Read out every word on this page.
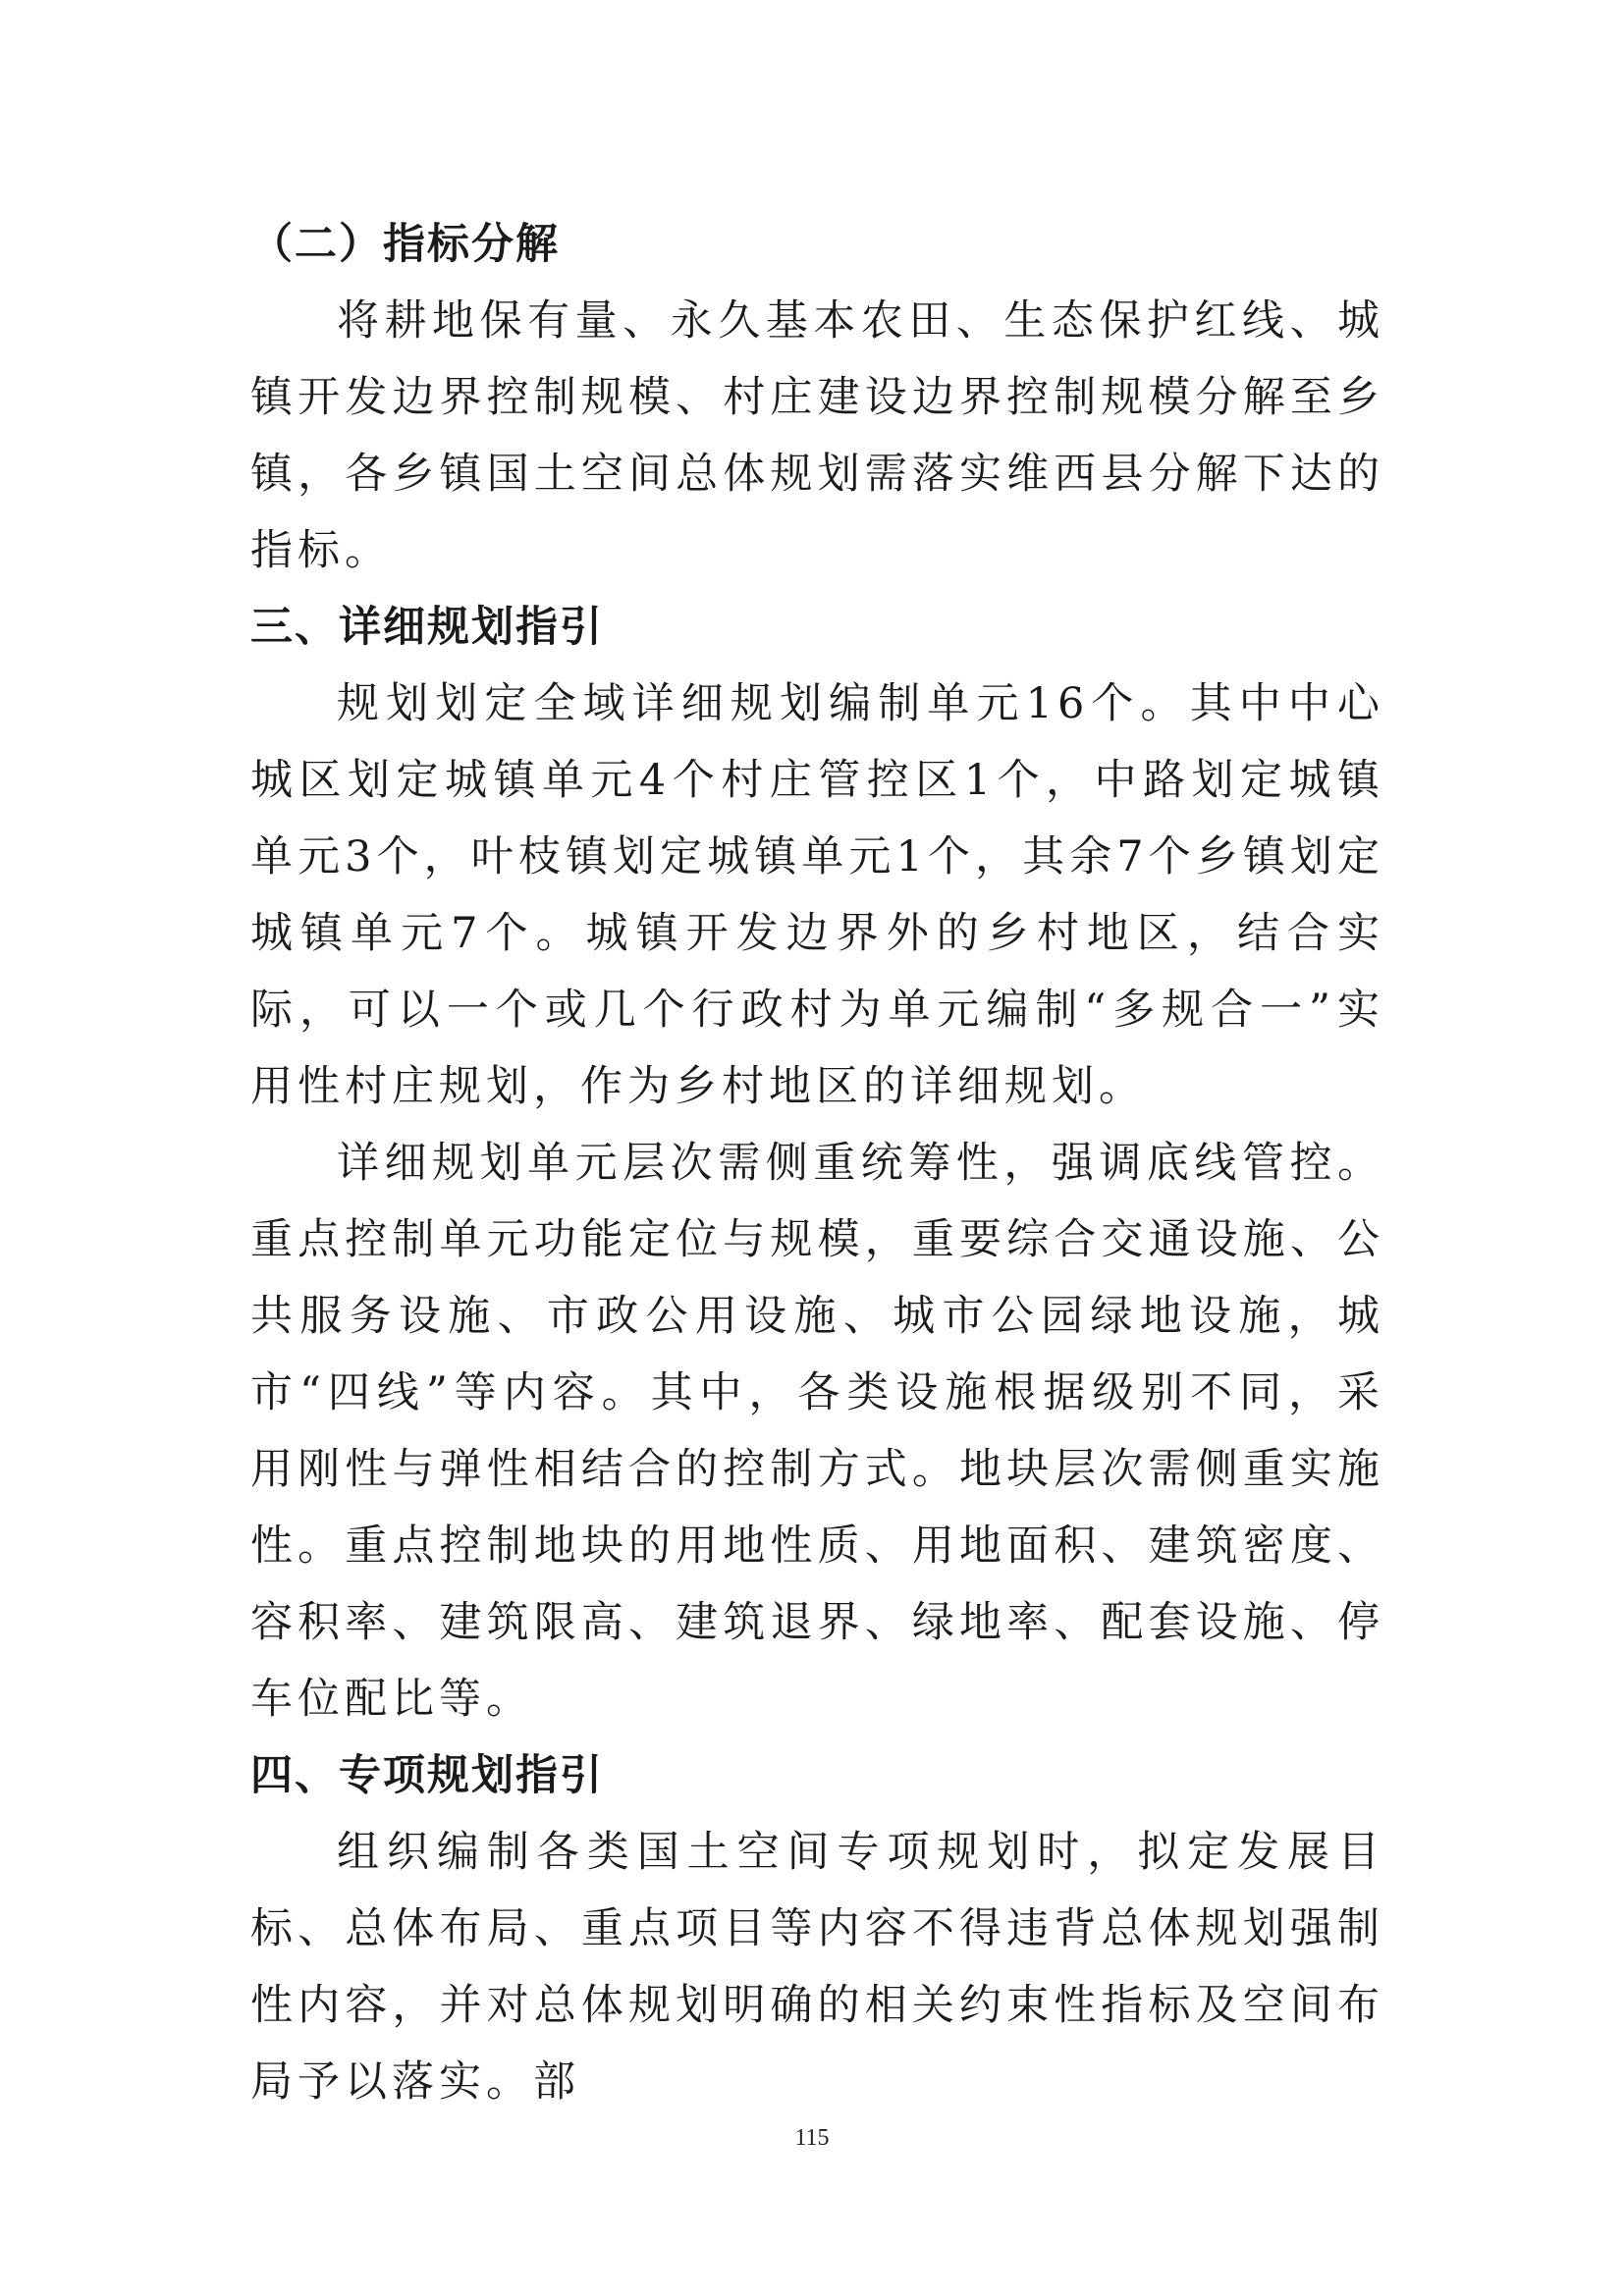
（二）指标分解

将耕地保有量、永久基本农田、生态保护红线、城镇开发边界控制规模、村庄建设边界控制规模分解至乡镇，各乡镇国土空间总体规划需落实维西县分解下达的指标。

三、详细规划指引

规划划定全域详细规划编制单元16个。其中中心城区划定城镇单元4个村庄管控区1个，中路划定城镇单元3个，叶枝镇划定城镇单元1个，其余7个乡镇划定城镇单元7个。城镇开发边界外的乡村地区，结合实际，可以一个或几个行政村为单元编制“多规合一”实用性村庄规划，作为乡村地区的详细规划。

详细规划单元层次需侧重统筹性，强调底线管控。重点控制单元功能定位与规模，重要综合交通设施、公共服务设施、市政公用设施、城市公园绿地设施，城市“四线”等内容。其中，各类设施根据级别不同，采用刚性与弹性相结合的控制方式。地块层次需侧重实施性。重点控制地块的用地性质、用地面积、建筑密度、容积率、建筑限高、建筑退界、绿地率、配套设施、停车位配比等。

四、专项规划指引

组织编制各类国土空间专项规划时，拟定发展目标、总体布局、重点项目等内容不得违背总体规划强制性内容，并对总体规划明确的相关约束性指标及空间布局予以落实。部

115
